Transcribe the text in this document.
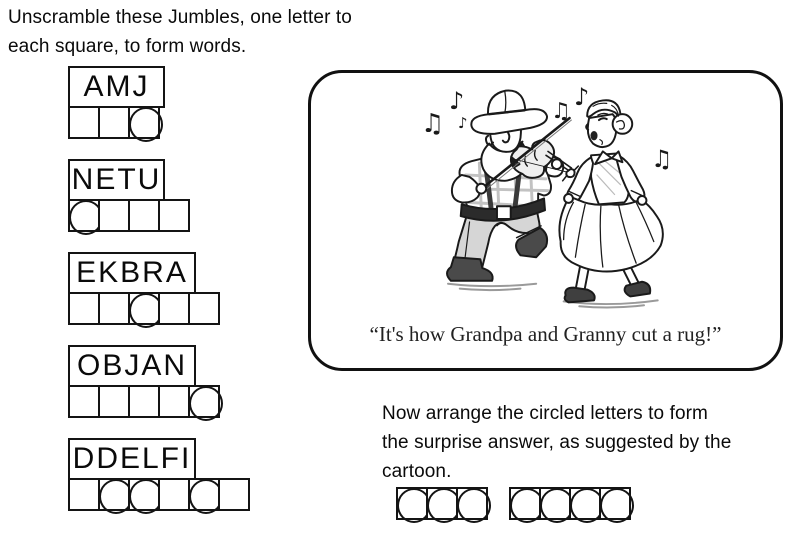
Unscramble these Jumbles, one letter to
each square, to form words.
AMJ
NETU
EKBRA
OBJAN
DDELFI
♪
♫ ♪	♫
♪
♫
“It's how Grandpa and Granny cut a rug!”
Now arrange the circled letters to form
the surprise answer, as suggested by the
cartoon.
